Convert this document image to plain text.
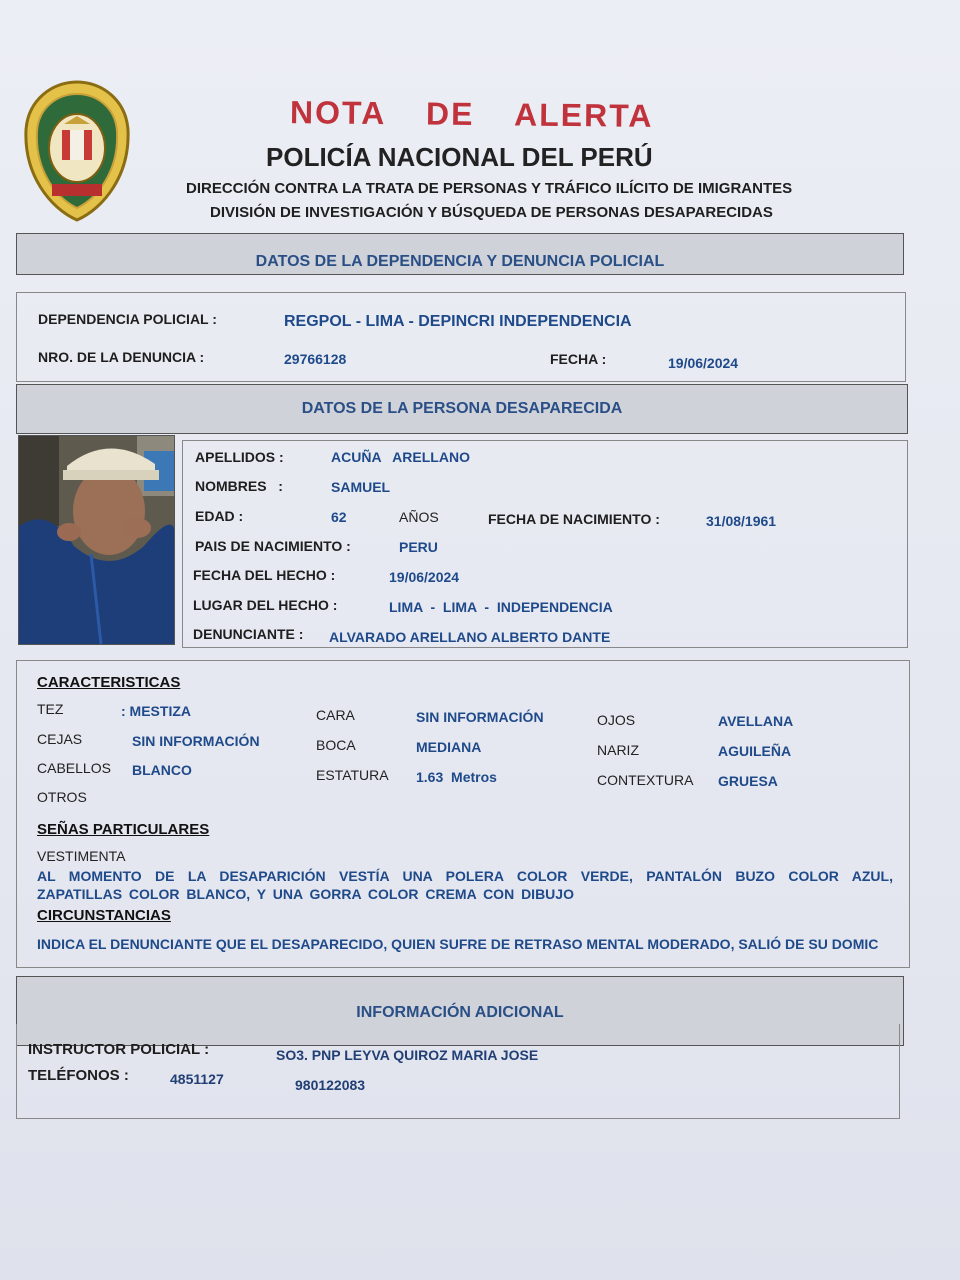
NOTA DE ALERTA
POLICÍA NACIONAL DEL PERÚ
DIRECCIÓN CONTRA LA TRATA DE PERSONAS Y TRÁFICO ILÍCITO DE IMIGRANTES
DIVISIÓN DE INVESTIGACIÓN Y BÚSQUEDA DE PERSONAS DESAPARECIDAS
DATOS DE LA DEPENDENCIA Y DENUNCIA POLICIAL
DEPENDENCIA POLICIAL :	REGPOL - LIMA - DEPINCRI INDEPENDENCIA
NRO. DE LA DENUNCIA :	29766128	FECHA :	19/06/2024
DATOS DE LA PERSONA DESAPARECIDA
APELLIDOS :	ACUÑA   ARELLANO
NOMBRES   :	SAMUEL
EDAD :	62	AÑOS	FECHA DE NACIMIENTO :	31/08/1961
PAIS DE NACIMIENTO :	PERU
FECHA DEL HECHO :	19/06/2024
LUGAR DEL HECHO :	LIMA  -  LIMA  -  INDEPENDENCIA
DENUNCIANTE : ALVARADO ARELLANO ALBERTO DANTE
CARACTERISTICAS
TEZ	: MESTIZA
CEJAS	SIN INFORMACIÓN
CABELLOS BLANCO
OTROS
CARA	SIN INFORMACIÓN
BOCA	MEDIANA
ESTATURA 1.63  Metros
OJOS	AVELLANA
NARIZ	AGUILEÑA
CONTEXTURA GRUESA
SEÑAS PARTICULARES
VESTIMENTA
AL MOMENTO DE LA DESAPARICIÓN VESTÍA UNA POLERA COLOR VERDE, PANTALÓN BUZO COLOR AZUL, ZAPATILLAS COLOR BLANCO, Y UNA GORRA COLOR CREMA CON DIBUJO
CIRCUNSTANCIAS
INDICA EL DENUNCIANTE QUE EL DESAPARECIDO, QUIEN SUFRE DE RETRASO MENTAL MODERADO, SALIÓ DE SU DOMIC
INFORMACIÓN ADICIONAL
INSTRUCTOR POLICIAL :	SO3. PNP LEYVA QUIROZ MARIA JOSE
TELÉFONOS :	4851127	980122083
